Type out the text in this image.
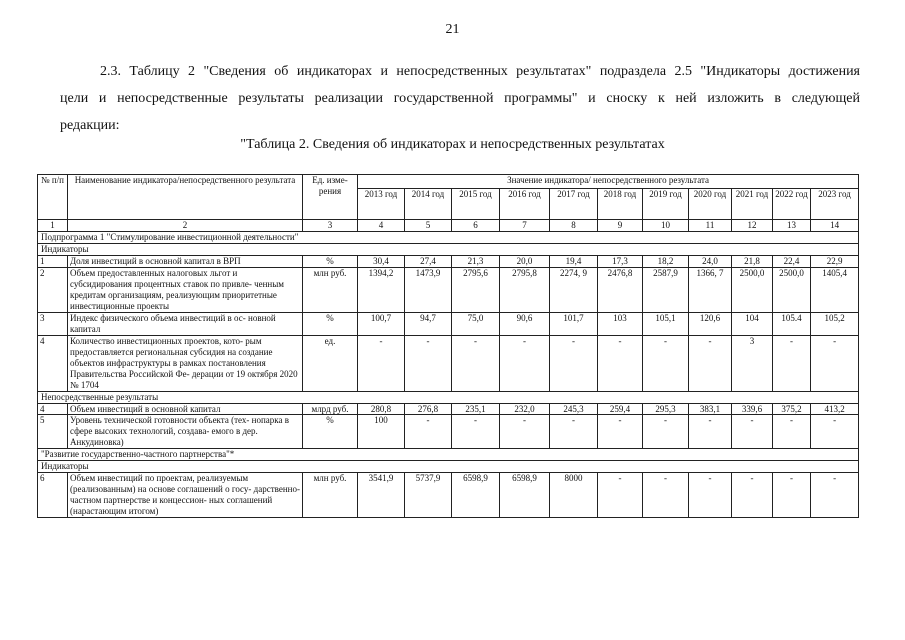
21
2.3. Таблицу 2 "Сведения об индикаторах и непосредственных результатах" подраздела 2.5 "Индикаторы достижения
цели и непосредственные результаты реализации государственной программы" и сноску к ней изложить в следующей
редакции:
"Таблица 2. Сведения об индикаторах и непосредственных результатах
№ п/п	Наименование индикатора/непосредственного результата	Ед. изме- рения	Значение индикатора/ непосредственного результата										
			2013 год	2014 год	2015 год	2016 год	2017 год	2018 год	2019 год	2020 год	2021 год	2022 год	2023 год
1	2	3	4	5	6	7	8	9	10	11	12	13	14
Подпрограмма 1 "Стимулирование инвестиционной деятельности"													
Индикаторы													
1	Доля инвестиций в основной капитал в ВРП	%	30,4	27,4	21,3	20,0	19,4	17,3	18,2	24,0	21,8	22,4	22,9
2	Объем предоставленных налоговых льгот и субсидирования процентных ставок по привле- ченным кредитам организациям, реализующим приоритетные инвестиционные проекты	млн руб.	1394,2	1473,9	2795,6	2795,8	2274, 9	2476,8	2587,9	1366, 7	2500,0	2500,0	1405,4
3	Индекс физического объема инвестиций в ос- новной капитал	%	100,7	94,7	75,0	90,6	101,7	103	105,1	120,6	104	105.4	105,2
4	Количество инвестиционных проектов, кото- рым предоставляется региональная субсидия на создание объектов инфраструктуры в рамках постановления Правительства Российской Фе- дерации от 19 октября 2020 № 1704	ед.	-	-	-	-	-	-	-	-	3	-	-
Непосредственные результаты													
4	Объем инвестиций в основной капитал	млрд руб.	280,8	276,8	235,1	232,0	245,3	259,4	295,3	383,1	339,6	375,2	413,2
5	Уровень технической готовности объекта (тех- нопарка в сфере высоких технологий, создава- емого в дер. Анкудиновка)	%	100	-	-	-	-	-	-	-	-	-	-
"Развитие государственно-частного партнерства"*													
Индикаторы													
6	Объем инвестиций по проектам, реализуемым (реализованным) на основе соглашений о госу- дарственно-частном партнерстве и концессион- ных соглашений (нарастающим итогом)	млн руб.	3541,9	5737,9	6598,9	6598,9	8000	-	-	-	-	-	-
